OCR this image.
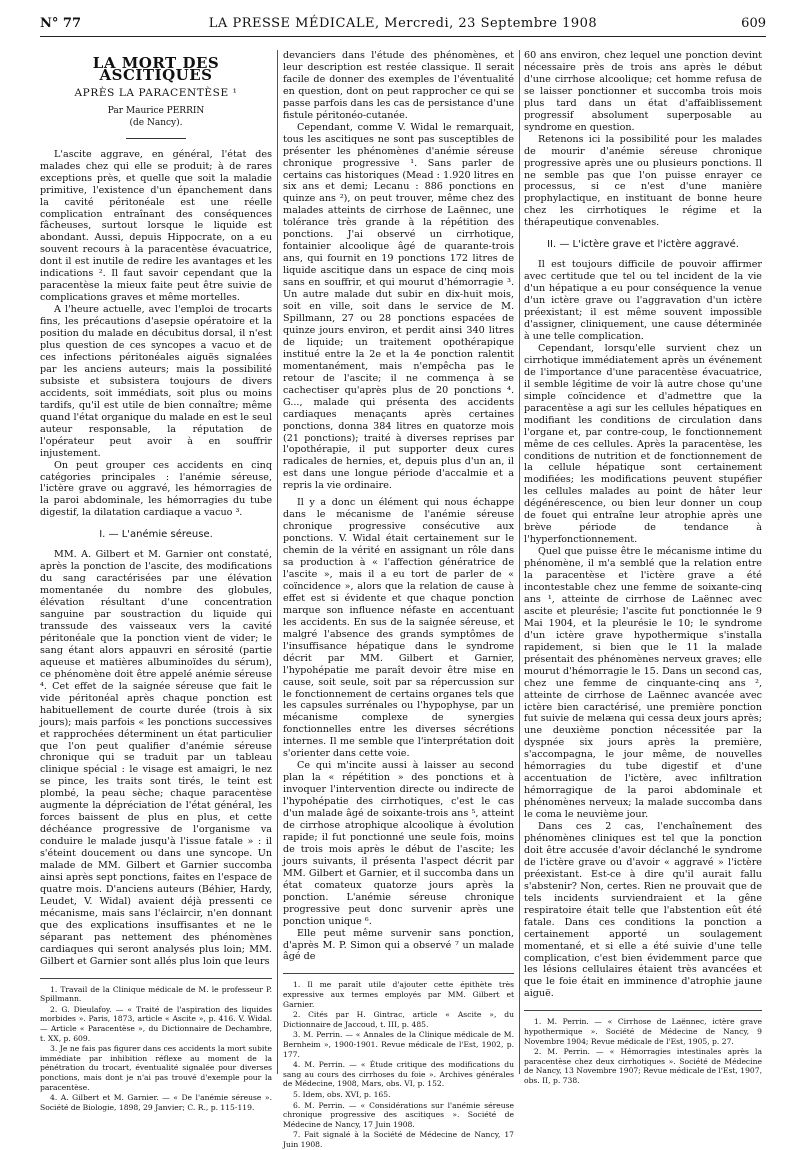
N° 77	LA PRESSE MÉDICALE, Mercredi, 23 Septembre 1908	609
LA MORT DES ASCITIQUES
APRÈS LA PARACENTÈSE ¹
Par Maurice PERRIN
(de Nancy).

L'ascite aggrave, en général, l'état des malades chez qui elle se produit; à de rares exceptions près, et quelle que soit la maladie primitive, l'existence d'un épanchement dans la cavité péritonéale est une réelle complication entraînant des conséquences fâcheuses, surtout lorsque le liquide est abondant. Aussi, depuis Hippocrate, on a eu souvent recours à la paracentèse évacuatrice, dont il est inutile de redire les avantages et les indications ². Il faut savoir cependant que la paracentèse la mieux faite peut être suivie de complications graves et même mortelles.

A l'heure actuelle, avec l'emploi de trocarts fins, les précautions d'asepsie opératoire et la position du malade en décubitus dorsal, il n'est plus question de ces syncopes a vacuo et de ces infections péritonéales aiguës signalées par les anciens auteurs; mais la possibilité subsiste et subsistera toujours de divers accidents, soit immédiats, soit plus ou moins tardifs, qu'il est utile de bien connaître; même quand l'état organique du malade en est le seul auteur responsable, la réputation de l'opérateur peut avoir à en souffrir injustement.

On peut grouper ces accidents en cinq catégories principales : l'anémie séreuse, l'ictère grave ou aggravé, les hémorragies de la paroi abdominale, les hémorragies du tube digestif, la dilatation cardiaque a vacuo ³.

I. — L'anémie séreuse.

MM. A. Gilbert et M. Garnier ont constaté, après la ponction de l'ascite, des modifications du sang caractérisées par une élévation momentanée du nombre des globules, élévation résultant d'une concentration sanguine par soustraction du liquide qui transsude des vaisseaux vers la cavité péritonéale que la ponction vient de vider; le sang étant alors appauvri en sérosité (partie aqueuse et matières albuminoïdes du sérum), ce phénomène doit être appelé anémie séreuse ⁴. Cet effet de la saignée séreuse que fait le vide péritonéal après chaque ponction est habituellement de courte durée (trois à six jours); mais parfois « les ponctions successives et rapprochées déterminent un état particulier que l'on peut qualifier d'anémie séreuse chronique qui se traduit par un tableau clinique spécial : le visage est amaigri, le nez se pince, les traits sont tirés, le teint est plombé, la peau sèche; chaque paracentèse augmente la dépréciation de l'état général, les forces baissent de plus en plus, et cette déchéance progressive de l'organisme va conduire le malade jusqu'à l'issue fatale » : il s'éteint doucement ou dans une syncope. Un malade de MM. Gilbert et Garnier succomba ainsi après sept ponctions, faites en l'espace de quatre mois. D'anciens auteurs (Béhier, Hardy, Leudet, V. Widal) avaient déjà pressenti ce mécanisme, mais sans l'éclaircir, n'en donnant que des explications insuffisantes et ne le séparant pas nettement des phénomènes cardiaques qui seront analysés plus loin; MM. Gilbert et Garnier sont allés plus loin que leurs

1. Travail de la Clinique médicale de M. le professeur P. Spillmann.

2. G. Dieulafoy. — « Traité de l'aspiration des liquides morbides ». Paris, 1873, article « Ascite », p. 416. V. Widal. — Article « Paracentèse », du Dictionnaire de Dechambre, t. XX, p. 609.

3. Je ne fais pas figurer dans ces accidents la mort subite immédiate par inhibition réflexe au moment de la pénétration du trocart, éventualité signalée pour diverses ponctions, mais dont je n'ai pas trouvé d'exemple pour la paracentèse.

4. A. Gilbert et M. Garnier. — « De l'anémie séreuse ». Société de Biologie, 1898, 29 Janvier; C. R., p. 115-119.

devanciers dans l'étude des phénomènes, et leur description est restée classique. Il serait facile de donner des exemples de l'éventualité en question, dont on peut rapprocher ce qui se passe parfois dans les cas de persistance d'une fistule péritonéo-cutanée.

Cependant, comme V. Widal le remarquait, tous les ascitiques ne sont pas susceptibles de présenter les phénomènes d'anémie séreuse chronique progressive ¹. Sans parler de certains cas historiques (Mead : 1.920 litres en six ans et demi; Lecanu : 886 ponctions en quinze ans ²), on peut trouver, même chez des malades atteints de cirrhose de Laënnec, une tolérance très grande à la répétition des ponctions. J'ai observé un cirrhotique, fontainier alcoolique âgé de quarante-trois ans, qui fournit en 19 ponctions 172 litres de liquide ascitique dans un espace de cinq mois sans en souffrir, et qui mourut d'hémorragie ³. Un autre malade dut subir en dix-huit mois, soit en ville, soit dans le service de M. Spillmann, 27 ou 28 ponctions espacées de quinze jours environ, et perdit ainsi 340 litres de liquide; un traitement opothérapique institué entre la 2e et la 4e ponction ralentit momentanément, mais n'empêcha pas le retour de l'ascite; il ne commença à se cachectiser qu'après plus de 20 ponctions ⁴. G..., malade qui présenta des accidents cardiaques menaçants après certaines ponctions, donna 384 litres en quatorze mois (21 ponctions); traité à diverses reprises par l'opothérapie, il put supporter deux cures radicales de hernies, et, depuis plus d'un an, il est dans une longue période d'accalmie et a repris la vie ordinaire.

Il y a donc un élément qui nous échappe dans le mécanisme de l'anémie séreuse chronique progressive consécutive aux ponctions. V. Widal était certainement sur le chemin de la vérité en assignant un rôle dans sa production à « l'affection génératrice de l'ascite », mais il a eu tort de parler de « coïncidence », alors que la relation de cause à effet est si évidente et que chaque ponction marque son influence néfaste en accentuant les accidents. En sus de la saignée séreuse, et malgré l'absence des grands symptômes de l'insuffisance hépatique dans le syndrome décrit par MM. Gilbert et Garnier, l'hypohépatie me paraît devoir être mise en cause, soit seule, soit par sa répercussion sur le fonctionnement de certains organes tels que les capsules surrénales ou l'hypophyse, par un mécanisme complexe de synergies fonctionnelles entre les diverses sécrétions internes. Il me semble que l'interprétation doit s'orienter dans cette voie.

Ce qui m'incite aussi à laisser au second plan la « répétition » des ponctions et à invoquer l'intervention directe ou indirecte de l'hypohépatie des cirrhotiques, c'est le cas d'un malade âgé de soixante-trois ans ⁵, atteint de cirrhose atrophique alcoolique à évolution rapide; il fut ponctionné une seule fois, moins de trois mois après le début de l'ascite; les jours suivants, il présenta l'aspect décrit par MM. Gilbert et Garnier, et il succomba dans un état comateux quatorze jours après la ponction. L'anémie séreuse chronique progressive peut donc survenir après une ponction unique ⁶.

Elle peut même survenir sans ponction, d'après M. P. Simon qui a observé ⁷ un malade âgé de

1. Il me paraît utile d'ajouter cette épithète très expressive aux termes employés par MM. Gilbert et Garnier.

2. Cités par H. Gintrac, article « Ascite », du Dictionnaire de Jaccoud, t. III, p. 485.

3. M. Perrin. — « Annales de la Clinique médicale de M. Bernheim », 1900-1901. Revue médicale de l'Est, 1902, p. 177.

4. M. Perrin. — « Étude critique des modifications du sang au cours des cirrhoses du foie ». Archives générales de Médecine, 1908, Mars, obs. VI, p. 152.

5. Idem, obs. XVI, p. 165.

6. M. Perrin. — « Considérations sur l'anémie séreuse chronique progressive des ascitiques ». Société de Médecine de Nancy, 17 Juin 1908.

7. Fait signalé à la Société de Médecine de Nancy, 17 Juin 1908.

60 ans environ, chez lequel une ponction devint nécessaire près de trois ans après le début d'une cirrhose alcoolique; cet homme refusa de se laisser ponctionner et succomba trois mois plus tard dans un état d'affaiblissement progressif absolument superposable au syndrome en question.

Retenons ici la possibilité pour les malades de mourir d'anémie séreuse chronique progressive après une ou plusieurs ponctions. Il ne semble pas que l'on puisse enrayer ce processus, si ce n'est d'une manière prophylactique, en instituant de bonne heure chez les cirrhotiques le régime et la thérapeutique convenables.

II. — L'ictère grave et l'ictère aggravé.

Il est toujours difficile de pouvoir affirmer avec certitude que tel ou tel incident de la vie d'un hépatique a eu pour conséquence la venue d'un ictère grave ou l'aggravation d'un ictère préexistant; il est même souvent impossible d'assigner, cliniquement, une cause déterminée à une telle complication.

Cependant, lorsqu'elle survient chez un cirrhotique immédiatement après un événement de l'importance d'une paracentèse évacuatrice, il semble légitime de voir là autre chose qu'une simple coïncidence et d'admettre que la paracentèse a agi sur les cellules hépatiques en modifiant les conditions de circulation dans l'organe et, par contre-coup, le fonctionnement même de ces cellules. Après la paracentèse, les conditions de nutrition et de fonctionnement de la cellule hépatique sont certainement modifiées; les modifications peuvent stupéfier les cellules malades au point de hâter leur dégénérescence, ou bien leur donner un coup de fouet qui entraîne leur atrophie après une brève période de tendance à l'hyperfonctionnement.

Quel que puisse être le mécanisme intime du phénomène, il m'a semblé que la relation entre la paracentèse et l'ictère grave a été incontestable chez une femme de soixante-cinq ans ¹, atteinte de cirrhose de Laënnec avec ascite et pleurésie; l'ascite fut ponctionnée le 9 Mai 1904, et la pleurésie le 10; le syndrome d'un ictère grave hypothermique s'installa rapidement, si bien que le 11 la malade présentait des phénomènes nerveux graves; elle mourut d'hémorragie le 15. Dans un second cas, chez une femme de cinquante-cinq ans ², atteinte de cirrhose de Laënnec avancée avec ictère bien caractérisé, une première ponction fut suivie de melæna qui cessa deux jours après; une deuxième ponction nécessitée par la dyspnée six jours après la première, s'accompagna, le jour même, de nouvelles hémorragies du tube digestif et d'une accentuation de l'ictère, avec infiltration hémorragique de la paroi abdominale et phénomènes nerveux; la malade succomba dans le coma le neuvième jour.

Dans ces 2 cas, l'enchaînement des phénomènes cliniques est tel que la ponction doit être accusée d'avoir déclanché le syndrome de l'ictère grave ou d'avoir « aggravé » l'ictère préexistant. Est-ce à dire qu'il aurait fallu s'abstenir? Non, certes. Rien ne prouvait que de tels incidents surviendraient et la gêne respiratoire était telle que l'abstention eût été fatale. Dans ces conditions la ponction a certainement apporté un soulagement momentané, et si elle a été suivie d'une telle complication, c'est bien évidemment parce que les lésions cellulaires étaient très avancées et que le foie était en imminence d'atrophie jaune aiguë.

1. M. Perrin. — « Cirrhose de Laënnec, ictère grave hypothermique ». Société de Médecine de Nancy, 9 Novembre 1904; Revue médicale de l'Est, 1905, p. 27.

2. M. Perrin. — « Hémorragies intestinales après la paracentèse chez deux cirrhotiques ». Société de Médecine de Nancy, 13 Novembre 1907; Revue médicale de l'Est, 1907, obs. II, p. 738.
